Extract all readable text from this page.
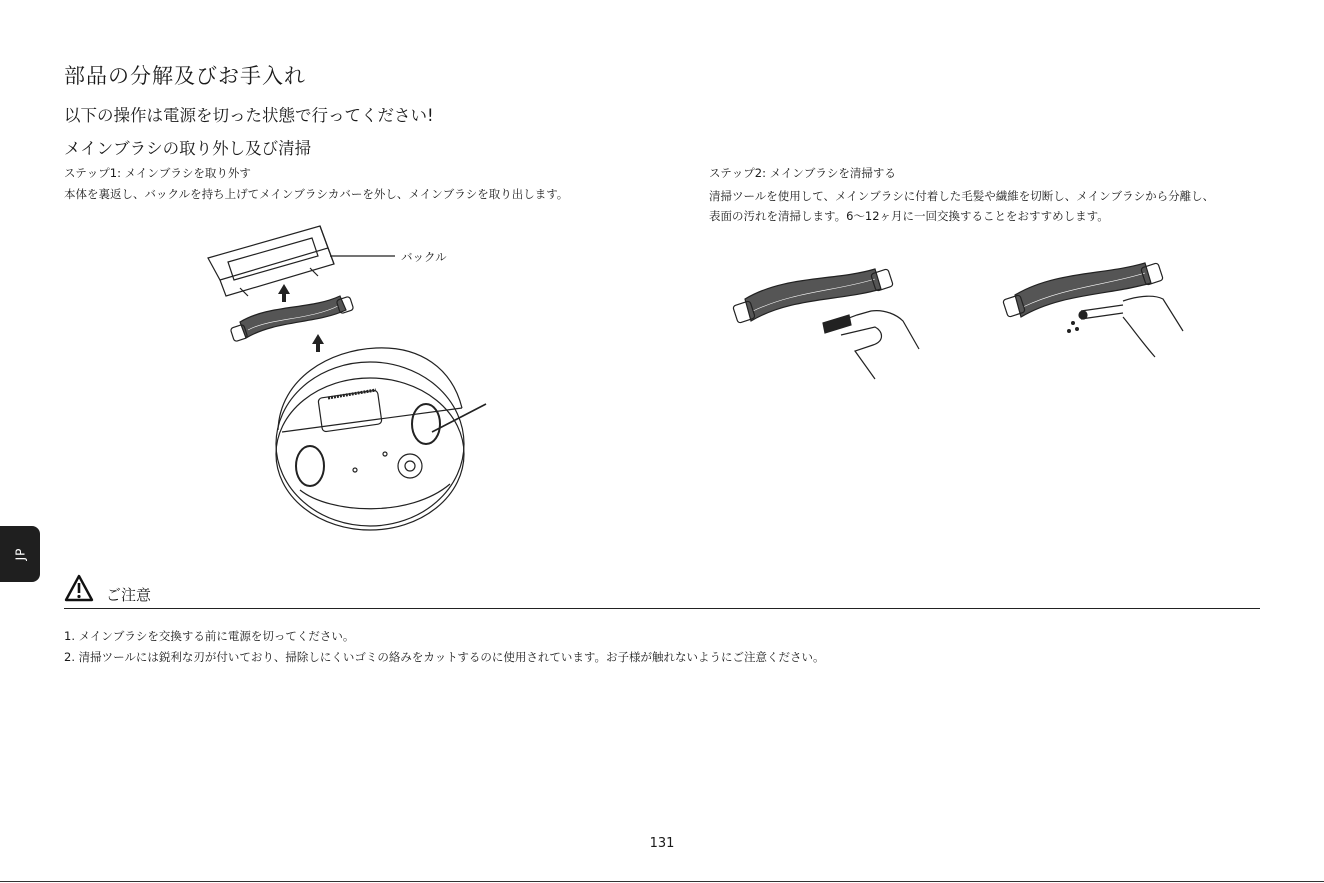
部品の分解及びお手入れ
以下の操作は電源を切った状態で行ってください!
メインブラシの取り外し及び清掃
ステップ1: メインブラシを取り外す
本体を裏返し、バックルを持ち上げてメインブラシカバーを外し、メインブラシを取り出します。
ステップ2: メインブラシを清掃する
清掃ツールを使用して、メインブラシに付着した毛髪や繊維を切断し、メインブラシから分離し、
表面の汚れを清掃します。6〜12ヶ月に一回交換することをおすすめします。
バックル
JP
ご注意
1. メインブラシを交換する前に電源を切ってください。
2. 清掃ツールには鋭利な刃が付いており、掃除しにくいゴミの絡みをカットするのに使用されています。お子様が触れないようにご注意ください。
131
